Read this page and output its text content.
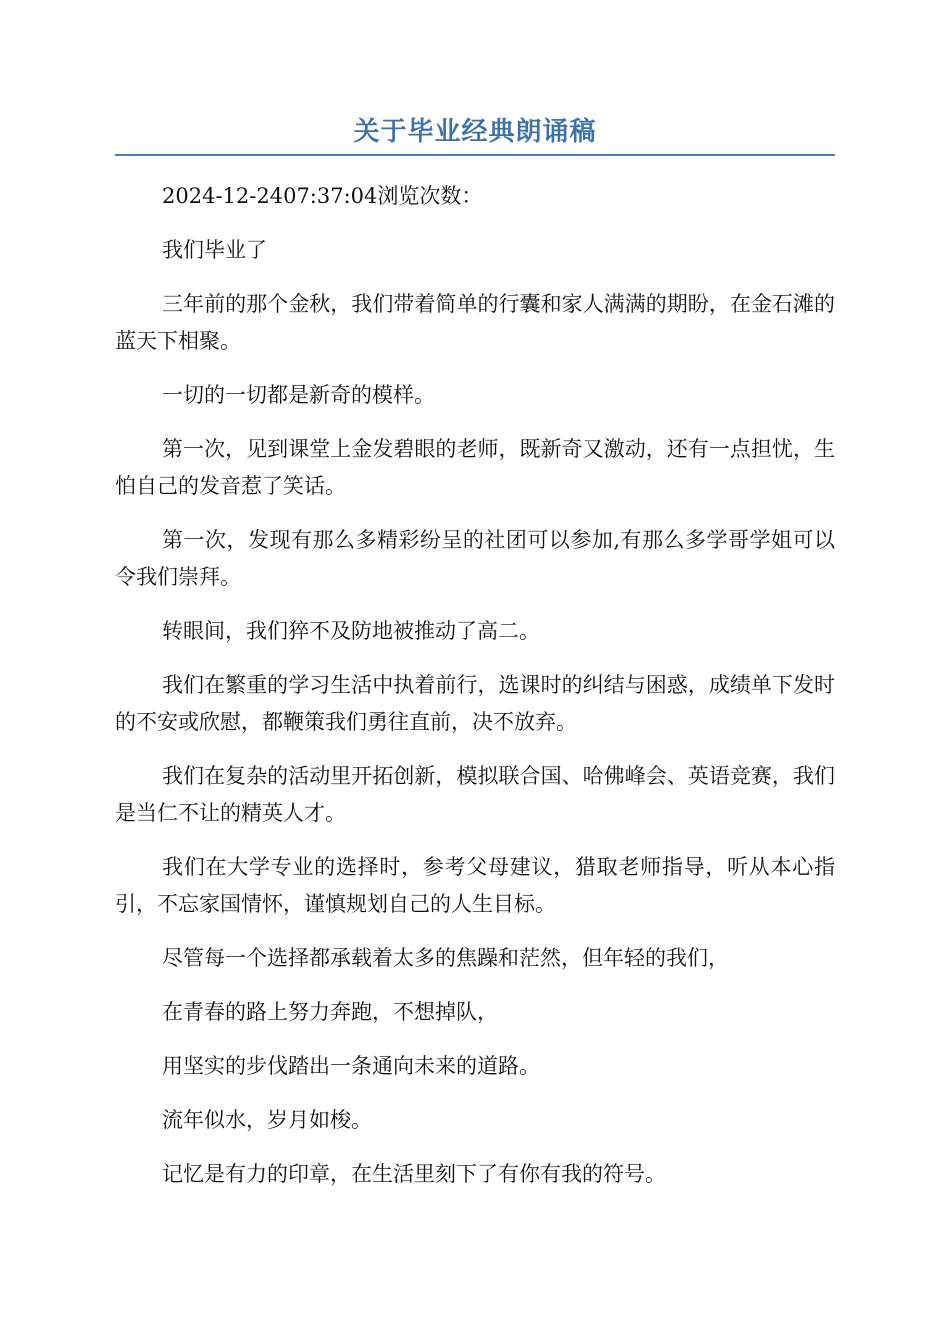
关于毕业经典朗诵稿

2024-12-2407:37:04浏览次数：

我们毕业了

三年前的那个金秋，我们带着简单的行囊和家人满满的期盼，在金石滩的蓝天下相聚。

一切的一切都是新奇的模样。

第一次，见到课堂上金发碧眼的老师，既新奇又激动，还有一点担忧，生怕自己的发音惹了笑话。

第一次，发现有那么多精彩纷呈的社团可以参加,有那么多学哥学姐可以令我们崇拜。

转眼间，我们猝不及防地被推动了高二。

我们在繁重的学习生活中执着前行，选课时的纠结与困惑，成绩单下发时的不安或欣慰，都鞭策我们勇往直前，决不放弃。

我们在复杂的活动里开拓创新，模拟联合国、哈佛峰会、英语竞赛，我们是当仁不让的精英人才。

我们在大学专业的选择时，参考父母建议，猎取老师指导，听从本心指引，不忘家国情怀，谨慎规划自己的人生目标。

尽管每一个选择都承载着太多的焦躁和茫然，但年轻的我们，

在青春的路上努力奔跑，不想掉队，

用坚实的步伐踏出一条通向未来的道路。

流年似水，岁月如梭。

记忆是有力的印章，在生活里刻下了有你有我的符号。
